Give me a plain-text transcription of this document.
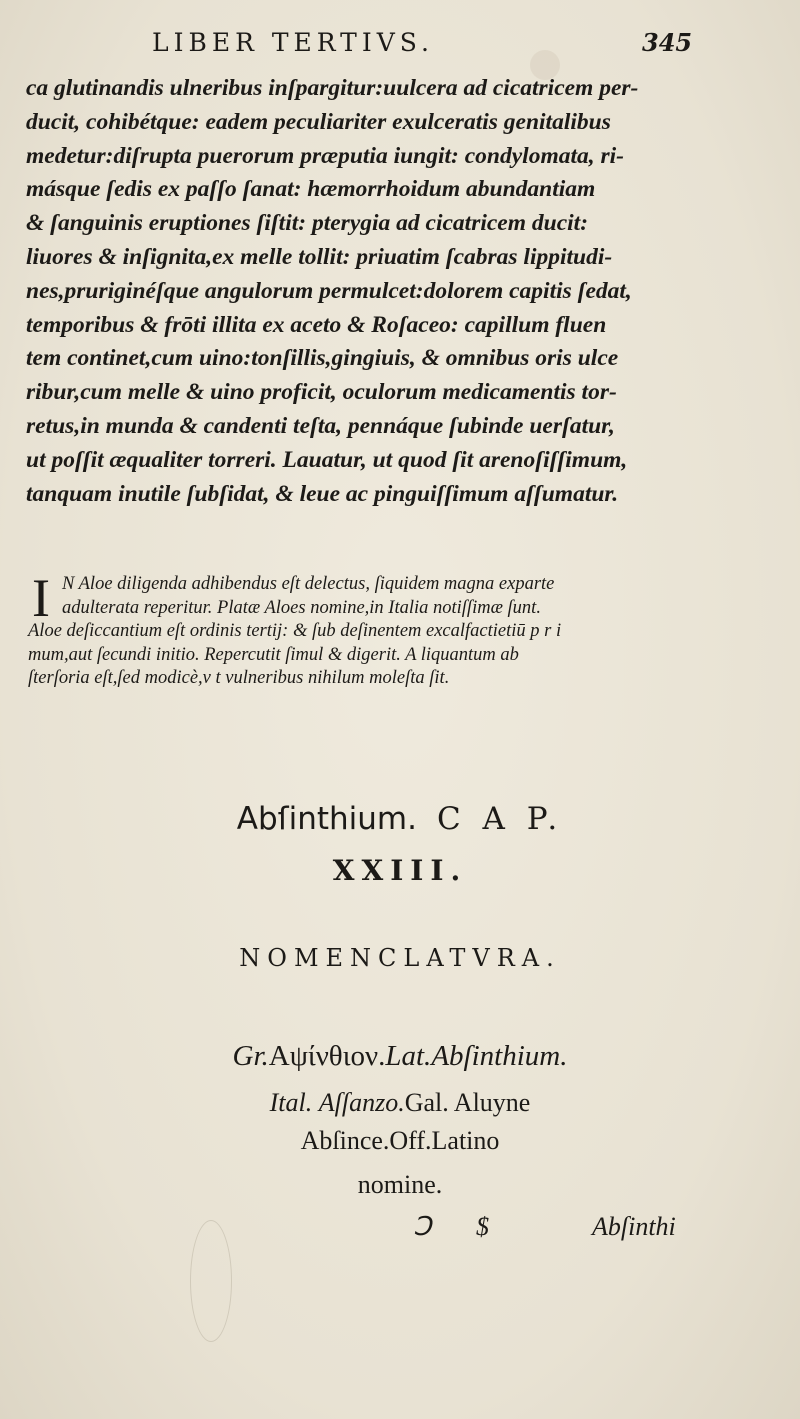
LIBER TERTIVS.	345
ca glutinandis ulneribus inſpargitur:uulcera ad cicatricem per-
ducit, cohibétque: eadem peculiariter exulceratis genitalibus
medetur:diſrupta puerorum præputia iungit: condylomata, ri-
másque ſedis ex paſſo ſanat: hæmorrhoidum abundantiam
& ſanguinis eruptiones ſiſtit: pterygia ad cicatricem ducit:
liuores & inſignita,ex melle tollit: priuatim ſcabras lippitudi-
nes,pruriginéſque angulorum permulcet:dolorem capitis ſedat,
temporibus & frōti illita ex aceto & Roſaceo: capillum fluen
tem continet,cum uino:tonſillis,gingiuis, & omnibus oris ulce
ribur,cum melle & uino proficit, oculorum medicamentis tor-
retus,in munda & candenti teſta, pennáque ſubinde uerſatur,
ut poſſit æqualiter torreri. Lauatur, ut quod ſit arenoſiſſimum,
tanquam inutile ſubſidat, & leue ac pinguiſſimum aſſumatur.
I N Aloe diligenda adhibendus eſt delectus, ſiquidem magna exparte
adulterata reperitur. Platæ Aloes nomine,in Italia notiſſimæ ſunt.
Aloe deſiccantium eſt ordinis tertij: & ſub deſinentem excalfactietiū p r i
mum,aut ſecundi initio. Repercutit ſimul & digerit. A liquantum ab
ſterſoria eſt,ſed modicè,v t vulneribus nihilum moleſta ſit.
Abſinthium. C A P.
XXIII.
NOMENCLATVRA.
Gr.Aψίνθιον.Lat.Abſinthium.
Ital. Aſſanzo.Gal. Aluyne
Abſince.Off.Latino
nomine.
Ↄ $	Abſinthi
